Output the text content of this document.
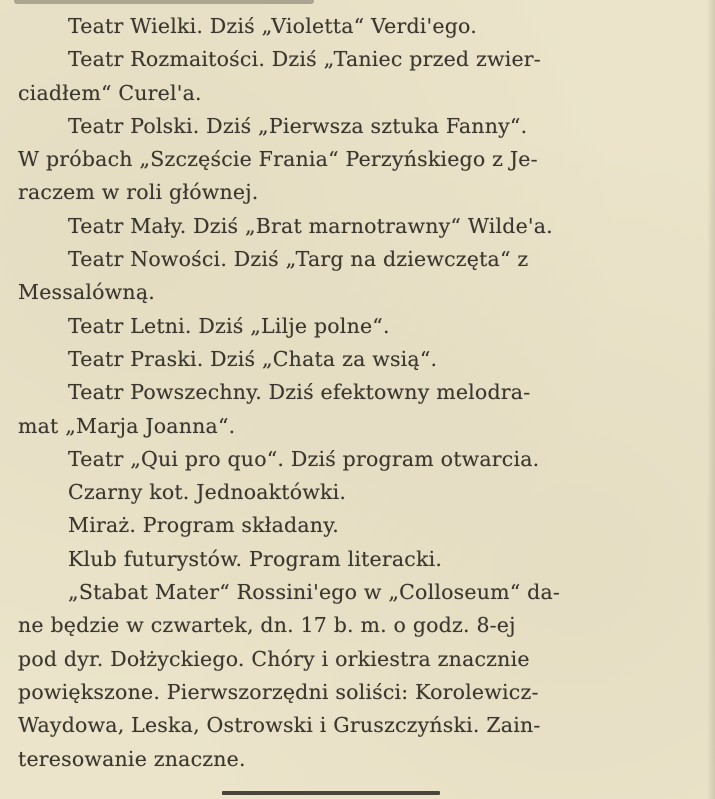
Teatr Wielki. Dziś „Violetta“ Verdi'ego.
Teatr Rozmaitości. Dziś „Taniec przed zwier-
ciadłem“ Curel'a.
Teatr Polski. Dziś „Pierwsza sztuka Fanny“.
W próbach „Szczęście Frania“ Perzyńskiego z Je-
raczem w roli głównej.
Teatr Mały. Dziś „Brat marnotrawny“ Wilde'a.
Teatr Nowości. Dziś „Targ na dziewczęta“ z
Messalówną.
Teatr Letni. Dziś „Lilje polne“.
Teatr Praski. Dziś „Chata za wsią“.
Teatr Powszechny. Dziś efektowny melodra-
mat „Marja Joanna“.
Teatr „Qui pro quo“. Dziś program otwarcia.
Czarny kot. Jednoaktówki.
Miraż. Program składany.
Klub futurystów. Program literacki.
„Stabat Mater“ Rossini'ego w „Colloseum“ da-
ne będzie w czwartek, dn. 17 b. m. o godz. 8-ej
pod dyr. Dołżyckiego. Chóry i orkiestra znacznie
powiększone. Pierwszorzędni soliści: Korolewicz-
Waydowa, Leska, Ostrowski i Gruszczyński. Zain-
teresowanie znaczne.
